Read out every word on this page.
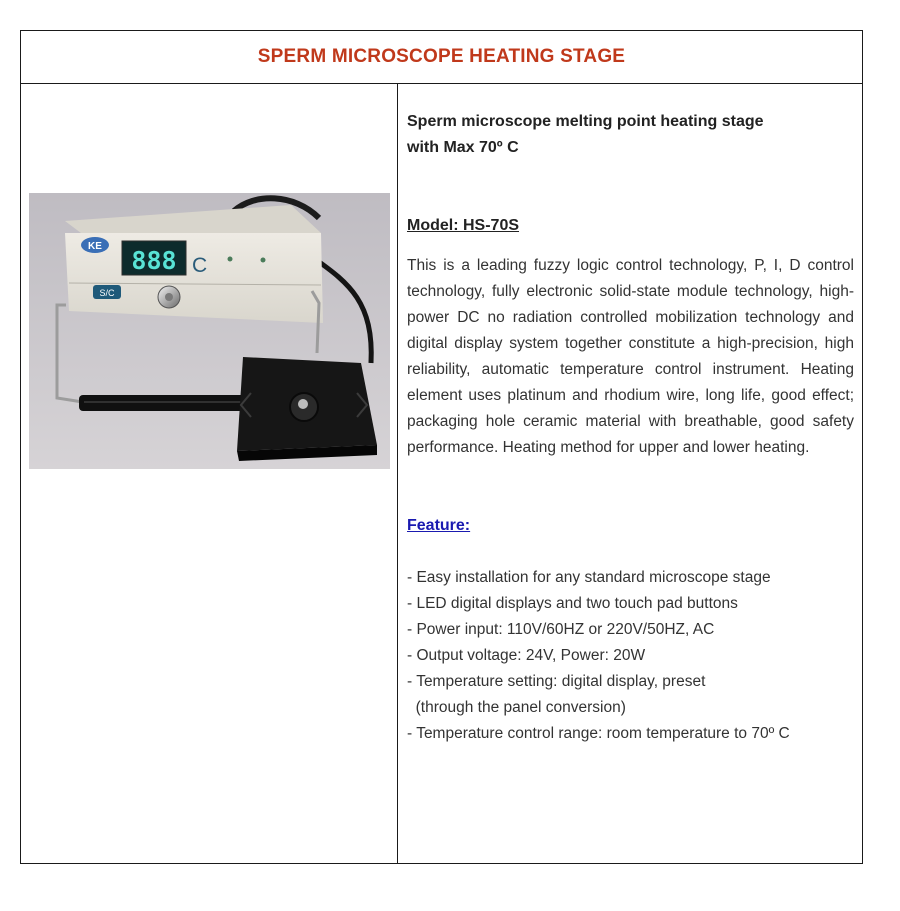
SPERM MICROSCOPE HEATING STAGE
KE 888 C
S/C

Sperm microscope melting point heating stage
with Max 70º C

Model: HS-70S
This is a leading fuzzy logic control technology, P, I, D control technology, fully electronic solid-state module technology, high-power DC no radiation controlled mobilization technology and digital display system together constitute a high-precision, high reliability, automatic temperature control instrument. Heating element uses platinum and rhodium wire, long life, good effect; packaging hole ceramic material with breathable, good safety performance. Heating method for upper and lower heating.
Feature:
- Easy installation for any standard microscope stage
- LED digital displays and two touch pad buttons
- Power input: 110V/60HZ or 220V/50HZ, AC
- Output voltage: 24V, Power: 20W
- Temperature setting: digital display, preset
(through the panel conversion)
- Temperature control range: room temperature to 70º C
